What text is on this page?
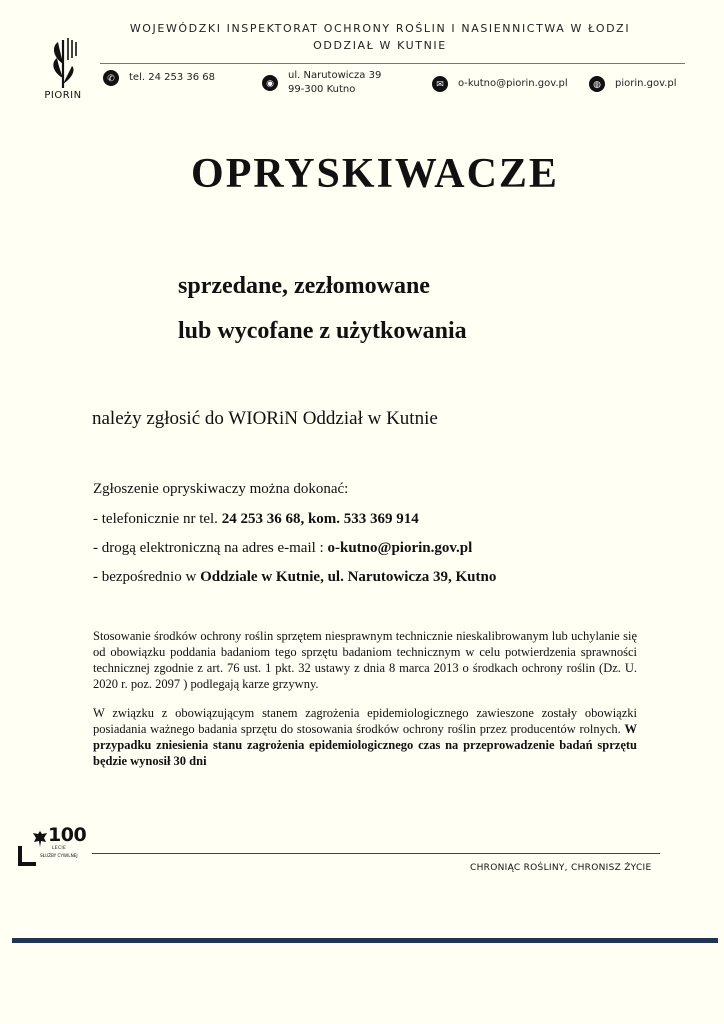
WOJEWÓDZKI INSPEKTORAT OCHRONY ROŚLIN I NASIENNICTWA W ŁODZI
ODDZIAŁ W KUTNIE
PIORIN
✆	tel. 24 253 36 68	◉
ul. Narutowicza 39
99-300 Kutno
✉	o-kutno@piorin.gov.pl	◍	piorin.gov.pl
OPRYSKIWACZE
sprzedane, zezłomowane
lub wycofane z użytkowania
należy zgłosić do WIORiN Oddział w Kutnie
Zgłoszenie opryskiwaczy można dokonać:
- telefonicznie nr tel. 24 253 36 68, kom. 533 369 914
- drogą elektroniczną na adres e-mail : o-kutno@piorin.gov.pl
- bezpośrednio w Oddziale w Kutnie, ul. Narutowicza 39, Kutno
Stosowanie środków ochrony roślin sprzętem niesprawnym technicznie nieskalibrowanym lub uchylanie się od obowiązku poddania badaniom tego sprzętu badaniom technicznym w celu potwierdzenia sprawności technicznej zgodnie z art. 76 ust. 1 pkt. 32 ustawy z dnia 8 marca 2013 o środkach ochrony roślin (Dz. U. 2020 r. poz. 2097 ) podlegają karze grzywny.
W związku z obowiązującym stanem zagrożenia epidemiologicznego zawieszone zostały obowiązki posiadania ważnego badania sprzętu do stosowania środków ochrony roślin przez producentów rolnych. W przypadku zniesienia stanu zagrożenia epidemiologicznego czas na przeprowadzenie badań sprzętu będzie wynosił 30 dni
100
LECIE
SŁUŻBY CYWILNEJ
CHRONIĄC ROŚLINY, CHRONISZ ŻYCIE
